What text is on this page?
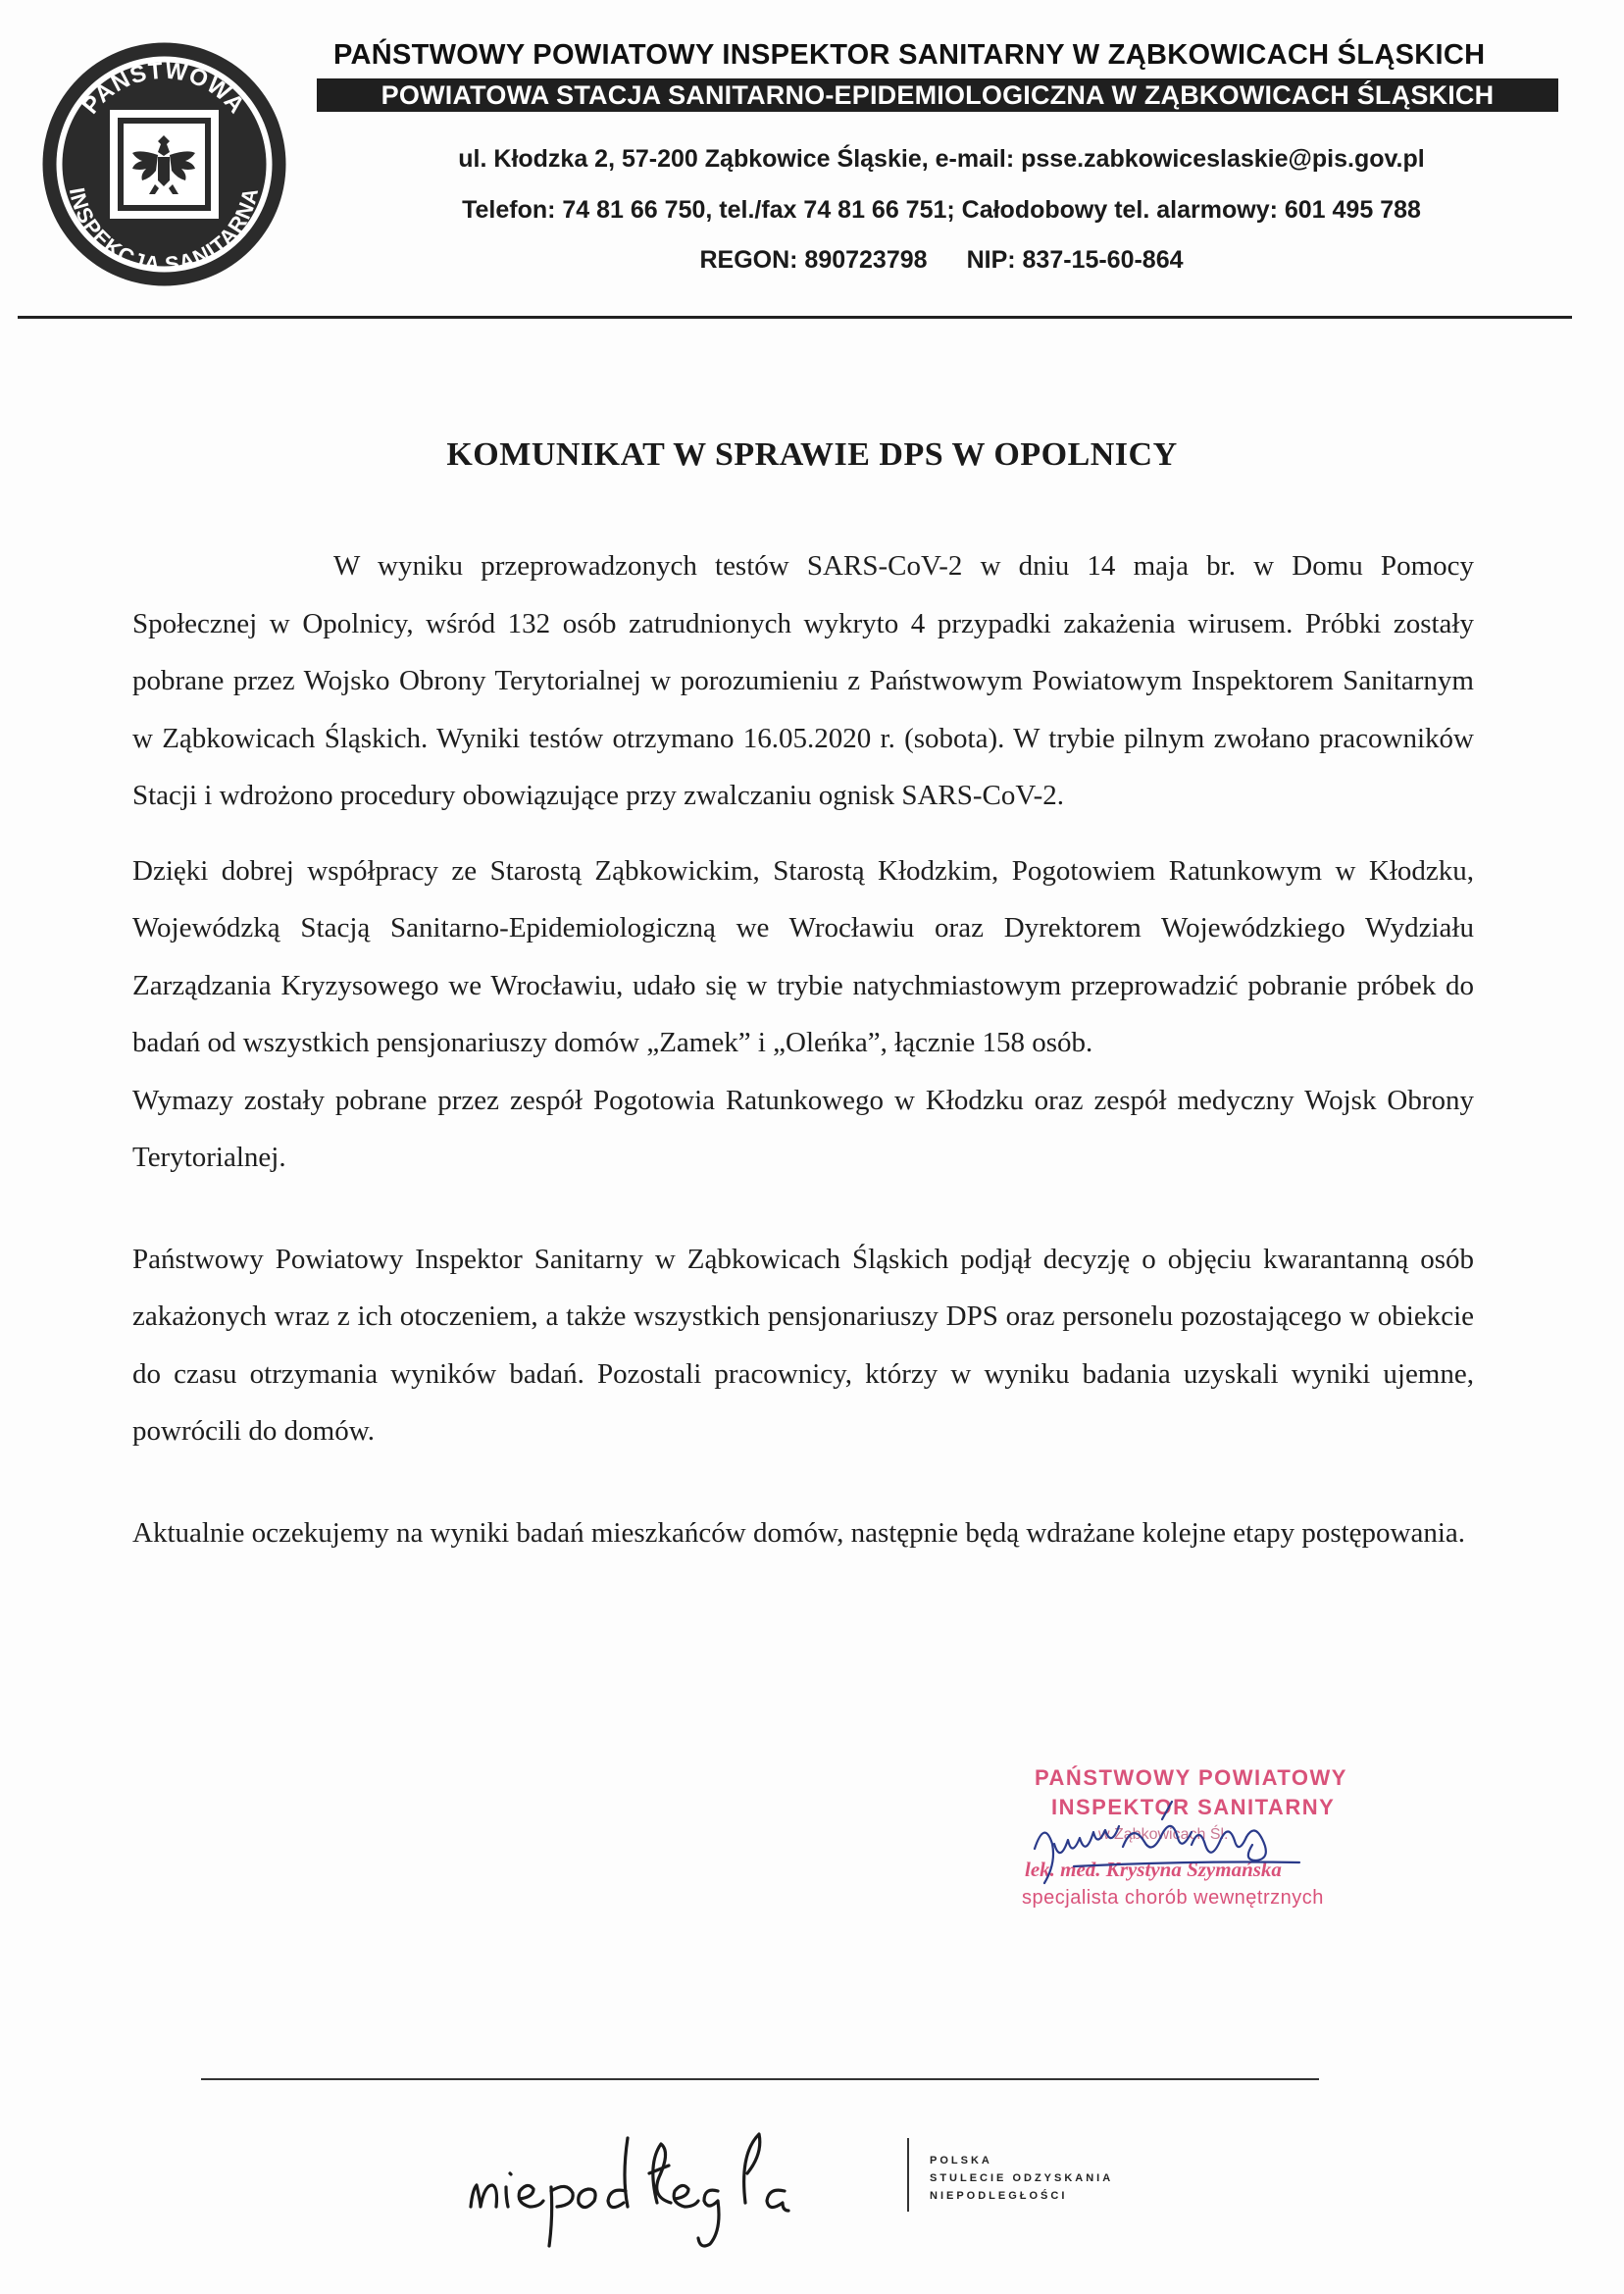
PAŃSTWOWA
INSPEKCJA SANITARNA
PAŃSTWOWY POWIATOWY INSPEKTOR SANITARNY W ZĄBKOWICACH ŚLĄSKICH
POWIATOWA STACJA SANITARNO-EPIDEMIOLOGICZNA W ZĄBKOWICACH ŚLĄSKICH
ul. Kłodzka 2, 57-200 Ząbkowice Śląskie, e-mail: psse.zabkowiceslaskie@pis.gov.pl
Telefon: 74 81 66 750, tel./fax 74 81 66 751; Całodobowy tel. alarmowy: 601 495 788
REGON: 890723798 NIP: 837-15-60-864
KOMUNIKAT W SPRAWIE DPS W OPOLNICY

W wyniku przeprowadzonych testów SARS-CoV-2 w dniu 14 maja br. w Domu Pomocy Społecznej w Opolnicy, wśród 132 osób zatrudnionych wykryto 4 przypadki zakażenia wirusem. Próbki zostały pobrane przez Wojsko Obrony Terytorialnej w porozumieniu z Państwowym Powiatowym Inspektorem Sanitarnym w Ząbkowicach Śląskich. Wyniki testów otrzymano 16.05.2020 r. (sobota). W trybie pilnym zwołano pracowników Stacji i wdrożono procedury obowiązujące przy zwalczaniu ognisk SARS-CoV-2.

Dzięki dobrej współpracy ze Starostą Ząbkowickim, Starostą Kłodzkim, Pogotowiem Ratunkowym w Kłodzku, Wojewódzką Stacją Sanitarno-Epidemiologiczną we Wrocławiu oraz Dyrektorem Wojewódzkiego Wydziału Zarządzania Kryzysowego we Wrocławiu, udało się w trybie natychmiastowym przeprowadzić pobranie próbek do badań od wszystkich pensjonariuszy domów „Zamek” i „Oleńka”, łącznie 158 osób.

Wymazy zostały pobrane przez zespół Pogotowia Ratunkowego w Kłodzku oraz zespół medyczny Wojsk Obrony Terytorialnej.

Państwowy Powiatowy Inspektor Sanitarny w Ząbkowicach Śląskich podjął decyzję o objęciu kwarantanną osób zakażonych wraz z ich otoczeniem, a także wszystkich pensjonariuszy DPS oraz personelu pozostającego w obiekcie do czasu otrzymania wyników badań. Pozostali pracownicy, którzy w wyniku badania uzyskali wyniki ujemne, powrócili do domów.

Aktualnie oczekujemy na wyniki badań mieszkańców domów, następnie będą wdrażane kolejne etapy postępowania.

PAŃSTWOWY POWIATOWY
INSPEKTOR SANITARNY
w Ząbkowicach Śl.
lek. med. Krystyna Szymańska
specjalista chorób wewnętrznych
POLSKA
STULECIE ODZYSKANIA
NIEPODLEGŁOŚCI
